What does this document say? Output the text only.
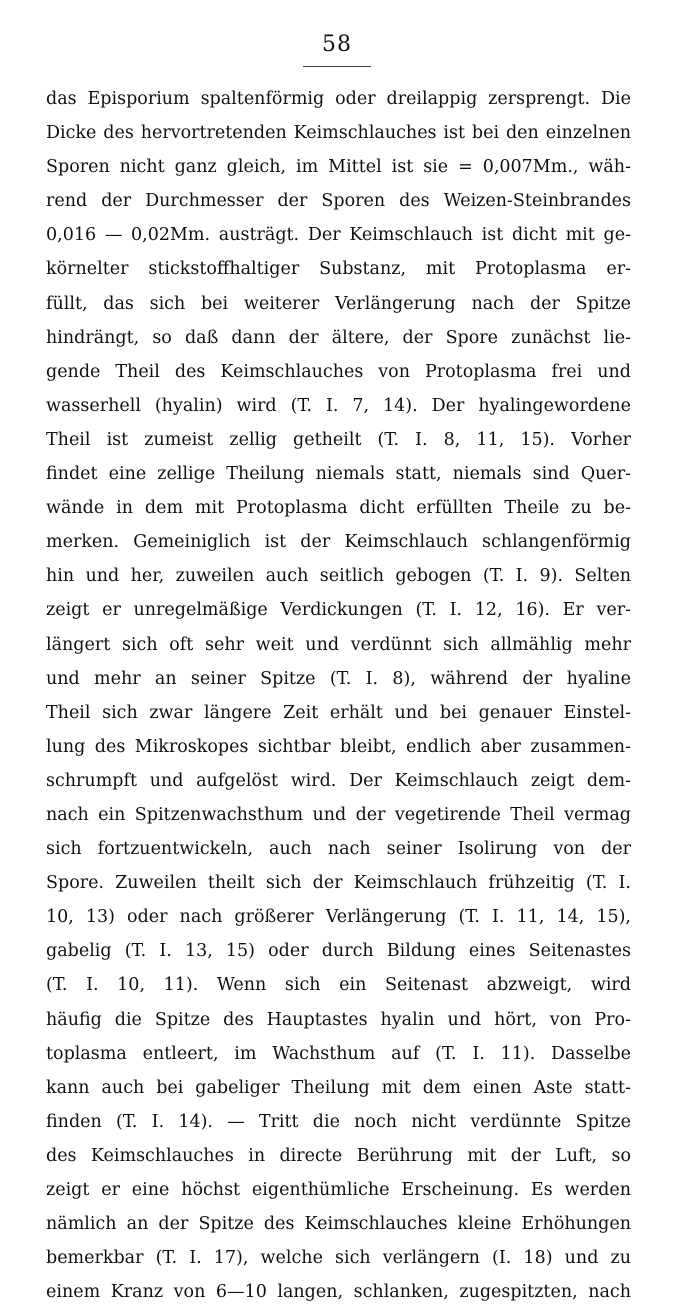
58
das Episporium spaltenförmig oder dreilappig zersprengt. Die
Dicke des hervortretenden Keimschlauches ist bei den einzelnen
Sporen nicht ganz gleich, im Mittel ist sie = 0,007Mm., wäh-
rend der Durchmesser der Sporen des Weizen-Steinbrandes
0,016 — 0,02Mm. austrägt. Der Keimschlauch ist dicht mit ge-
körnelter stickstoffhaltiger Substanz, mit Protoplasma er-
füllt, das sich bei weiterer Verlängerung nach der Spitze
hindrängt, so daß dann der ältere, der Spore zunächst lie-
gende Theil des Keimschlauches von Protoplasma frei und
wasserhell (hyalin) wird (T. I. 7, 14). Der hyalingewordene
Theil ist zumeist zellig getheilt (T. I. 8, 11, 15). Vorher
findet eine zellige Theilung niemals statt, niemals sind Quer-
wände in dem mit Protoplasma dicht erfüllten Theile zu be-
merken. Gemeiniglich ist der Keimschlauch schlangenförmig
hin und her, zuweilen auch seitlich gebogen (T. I. 9). Selten
zeigt er unregelmäßige Verdickungen (T. I. 12, 16). Er ver-
längert sich oft sehr weit und verdünnt sich allmählig mehr
und mehr an seiner Spitze (T. I. 8), während der hyaline
Theil sich zwar längere Zeit erhält und bei genauer Einstel-
lung des Mikroskopes sichtbar bleibt, endlich aber zusammen-
schrumpft und aufgelöst wird. Der Keimschlauch zeigt dem-
nach ein Spitzenwachsthum und der vegetirende Theil vermag
sich fortzuentwickeln, auch nach seiner Isolirung von der
Spore. Zuweilen theilt sich der Keimschlauch frühzeitig (T. I.
10, 13) oder nach größerer Verlängerung (T. I. 11, 14, 15),
gabelig (T. I. 13, 15) oder durch Bildung eines Seitenastes
(T. I. 10, 11). Wenn sich ein Seitenast abzweigt, wird
häufig die Spitze des Hauptastes hyalin und hört, von Pro-
toplasma entleert, im Wachsthum auf (T. I. 11). Dasselbe
kann auch bei gabeliger Theilung mit dem einen Aste statt-
finden (T. I. 14). — Tritt die noch nicht verdünnte Spitze
des Keimschlauches in directe Berührung mit der Luft, so
zeigt er eine höchst eigenthümliche Erscheinung. Es werden
nämlich an der Spitze des Keimschlauches kleine Erhöhungen
bemerkbar (T. I. 17), welche sich verlängern (I. 18) und zu
einem Kranz von 6—10 langen, schlanken, zugespitzten, nach
